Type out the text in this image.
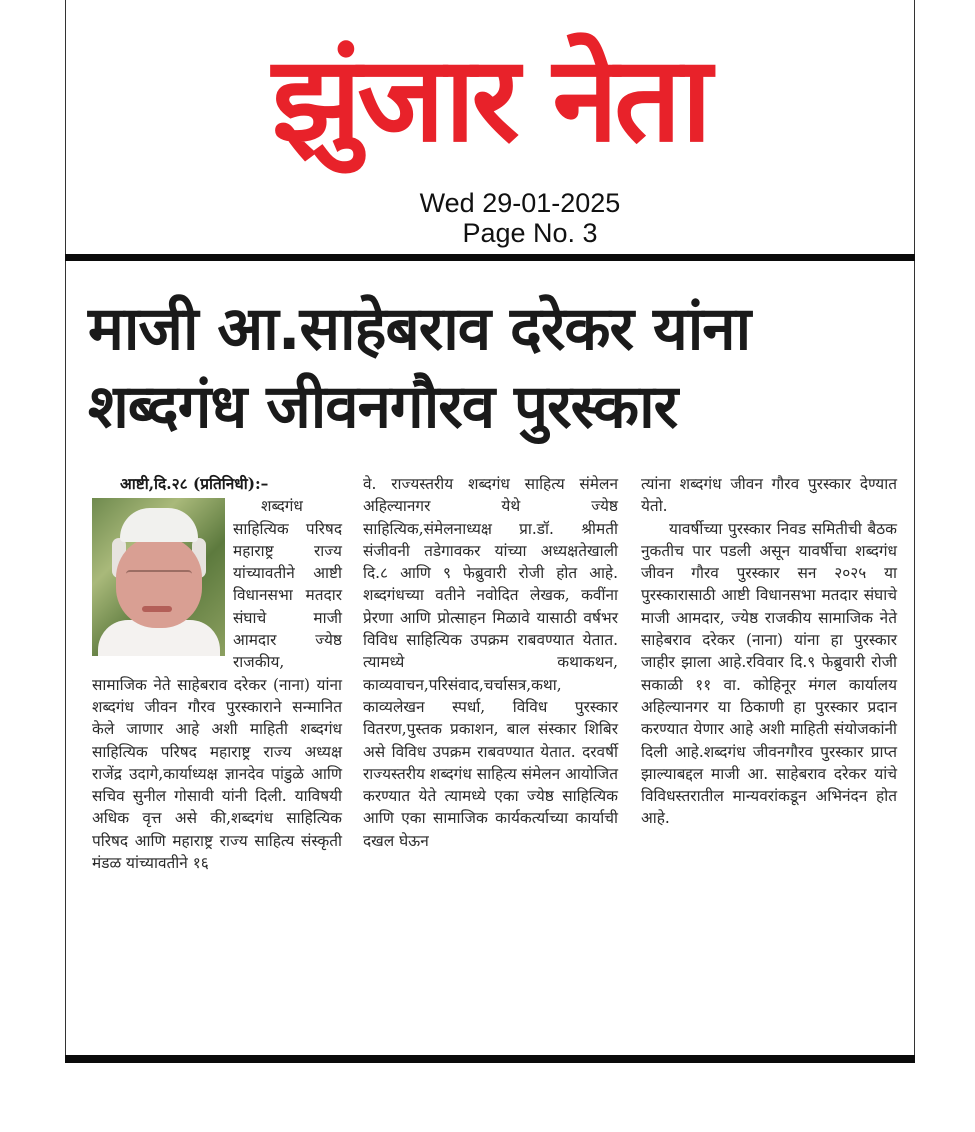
झुंजार नेता
Wed 29-01-2025
Page No. 3
माजी आ.साहेबराव दरेकर यांना
शब्दगंध जीवनगौरव पुरस्कार
आष्टी,दि.२८ (प्रतिनिधी):–

शब्दगंध साहित्यिक परिषद महाराष्ट्र राज्य यांच्यावतीने आष्टी विधानसभा मतदार संघाचे माजी आमदार ज्येष्ठ राजकीय, सामाजिक नेते साहेबराव दरेकर (नाना) यांना शब्दगंध जीवन गौरव पुरस्काराने सन्मानित केले जाणार आहे अशी माहिती शब्दगंध साहित्यिक परिषद महाराष्ट्र राज्य अध्यक्ष राजेंद्र उदागे,कार्याध्यक्ष ज्ञानदेव पांडुळे आणि सचिव सुनील गोसावी यांनी दिली. याविषयी अधिक वृत्त असे की,शब्दगंध साहित्यिक परिषद आणि महाराष्ट्र राज्य साहित्य संस्कृती मंडळ यांच्यावतीने १६

वे. राज्यस्तरीय शब्दगंध साहित्य संमेलन अहिल्यानगर येथे ज्येष्ठ साहित्यिक,संमेलनाध्यक्ष प्रा.डॉ. श्रीमती संजीवनी तडेगावकर यांच्या अध्यक्षतेखाली दि.८ आणि ९ फेब्रुवारी रोजी होत आहे. शब्दगंधच्या वतीने नवोदित लेखक, कवींना प्रेरणा आणि प्रोत्साहन मिळावे यासाठी वर्षभर विविध साहित्यिक उपक्रम राबवण्यात येतात. त्यामध्ये कथाकथन, काव्यवाचन,परिसंवाद,चर्चासत्र,कथा, काव्यलेखन स्पर्धा, विविध पुरस्कार वितरण,पुस्तक प्रकाशन, बाल संस्कार शिबिर असे विविध उपक्रम राबवण्यात येतात. दरवर्षी राज्यस्तरीय शब्दगंध साहित्य संमेलन आयोजित करण्यात येते त्यामध्ये एका ज्येष्ठ साहित्यिक आणि एका सामाजिक कार्यकर्त्याच्या कार्याची दखल घेऊन

त्यांना शब्दगंध जीवन गौरव पुरस्कार देण्यात येतो.

यावर्षीच्या पुरस्कार निवड समितीची बैठक नुकतीच पार पडली असून यावर्षीचा शब्दगंध जीवन गौरव पुरस्कार सन २०२५ या पुरस्कारासाठी आष्टी विधानसभा मतदार संघाचे माजी आमदार, ज्येष्ठ राजकीय सामाजिक नेते साहेबराव दरेकर (नाना) यांना हा पुरस्कार जाहीर झाला आहे.रविवार दि.९ फेब्रुवारी रोजी सकाळी ११ वा. कोहिनूर मंगल कार्यालय अहिल्यानगर या ठिकाणी हा पुरस्कार प्रदान करण्यात येणार आहे अशी माहिती संयोजकांनी दिली आहे.शब्दगंध जीवनगौरव पुरस्कार प्राप्त झाल्याबद्दल माजी आ. साहेबराव दरेकर यांचे विविधस्तरातील मान्यवरांकडून अभिनंदन होत आहे.
